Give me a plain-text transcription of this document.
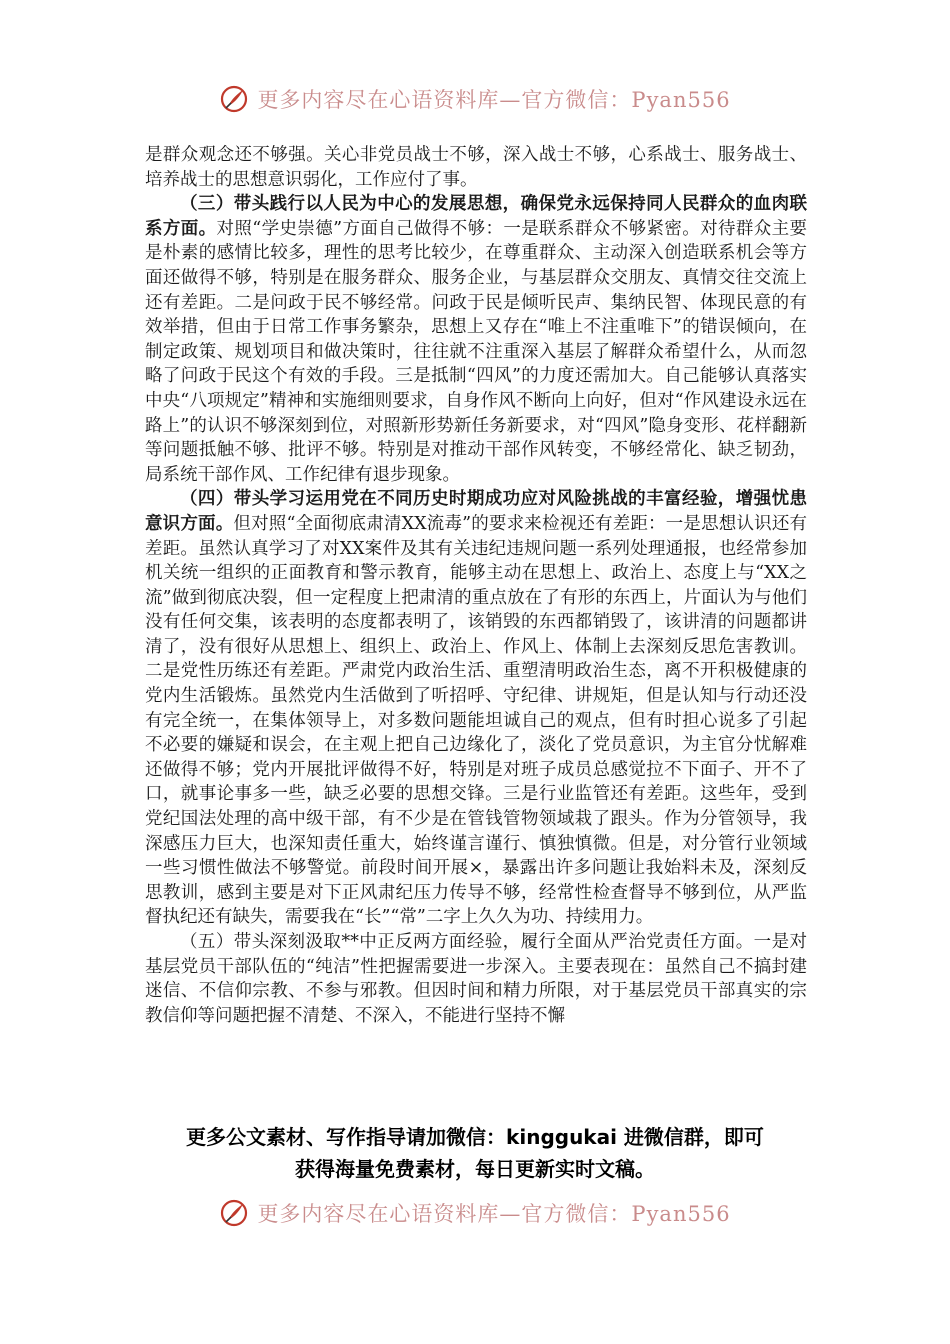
更多内容尽在心语资料库—官方微信：Pyan556

是群众观念还不够强。关心非党员战士不够，深入战士不够，心系战士、服务战士、培养战士的思想意识弱化，工作应付了事。

（三）带头践行以人民为中心的发展思想，确保党永远保持同人民群众的血肉联系方面。对照“学史崇德”方面自己做得不够：一是联系群众不够紧密。对待群众主要是朴素的感情比较多，理性的思考比较少，在尊重群众、主动深入创造联系机会等方面还做得不够，特别是在服务群众、服务企业，与基层群众交朋友、真情交往交流上还有差距。二是问政于民不够经常。问政于民是倾听民声、集纳民智、体现民意的有效举措，但由于日常工作事务繁杂，思想上又存在“唯上不注重唯下”的错误倾向，在制定政策、规划项目和做决策时，往往就不注重深入基层了解群众希望什么，从而忽略了问政于民这个有效的手段。三是抵制“四风”的力度还需加大。自己能够认真落实中央“八项规定”精神和实施细则要求，自身作风不断向上向好，但对“作风建设永远在路上”的认识不够深刻到位，对照新形势新任务新要求，对“四风”隐身变形、花样翻新等问题抵触不够、批评不够。特别是对推动干部作风转变，不够经常化、缺乏韧劲，局系统干部作风、工作纪律有退步现象。

（四）带头学习运用党在不同历史时期成功应对风险挑战的丰富经验，增强忧患意识方面。但对照“全面彻底肃清XX流毒”的要求来检视还有差距：一是思想认识还有差距。虽然认真学习了对XX案件及其有关违纪违规问题一系列处理通报，也经常参加机关统一组织的正面教育和警示教育，能够主动在思想上、政治上、态度上与“XX之流”做到彻底决裂，但一定程度上把肃清的重点放在了有形的东西上，片面认为与他们没有任何交集，该表明的态度都表明了，该销毁的东西都销毁了，该讲清的问题都讲清了，没有很好从思想上、组织上、政治上、作风上、体制上去深刻反思危害教训。二是党性历练还有差距。严肃党内政治生活、重塑清明政治生态，离不开积极健康的党内生活锻炼。虽然党内生活做到了听招呼、守纪律、讲规矩，但是认知与行动还没有完全统一，在集体领导上，对多数问题能坦诚自己的观点，但有时担心说多了引起不必要的嫌疑和误会，在主观上把自己边缘化了，淡化了党员意识，为主官分忧解难还做得不够；党内开展批评做得不好，特别是对班子成员总感觉拉不下面子、开不了口，就事论事多一些，缺乏必要的思想交锋。三是行业监管还有差距。这些年，受到党纪国法处理的高中级干部，有不少是在管钱管物领域栽了跟头。作为分管领导，我深感压力巨大，也深知责任重大，始终谨言谨行、慎独慎微。但是，对分管行业领域一些习惯性做法不够警觉。前段时间开展×，暴露出许多问题让我始料未及，深刻反思教训，感到主要是对下正风肃纪压力传导不够，经常性检查督导不够到位，从严监督执纪还有缺失，需要我在“长”“常”二字上久久为功、持续用力。

（五）带头深刻汲取**中正反两方面经验，履行全面从严治党责任方面。一是对基层党员干部队伍的“纯洁”性把握需要进一步深入。主要表现在：虽然自己不搞封建迷信、不信仰宗教、不参与邪教。但因时间和精力所限，对于基层党员干部真实的宗教信仰等问题把握不清楚、不深入，不能进行坚持不懈

更多公文素材、写作指导请加微信：kinggukai 进微信群，即可
获得海量免费素材，每日更新实时文稿。
更多内容尽在心语资料库—官方微信：Pyan556
